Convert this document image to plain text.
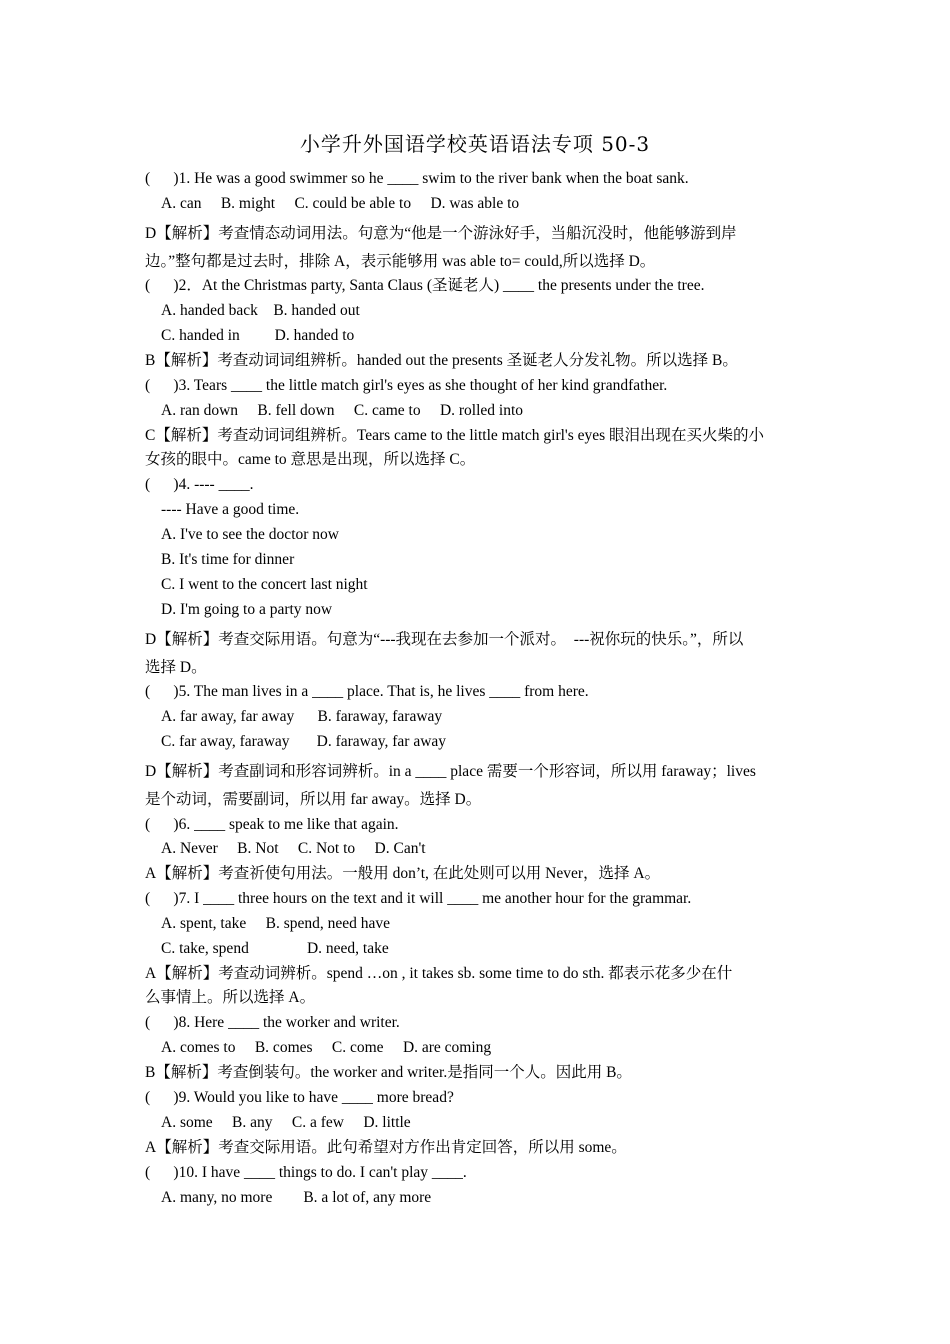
小学升外国语学校英语语法专项 50-3
(      )1. He was a good swimmer so he ____ swim to the river bank when the boat sank.
A. can     B. might     C. could be able to     D. was able to
D【解析】考查情态动词用法。句意为“他是一个游泳好手，当船沉没时，他能够游到岸
边。”整句都是过去时，排除 A，表示能够用 was able to= could,所以选择 D。
(      )2．At the Christmas party, Santa Claus (圣诞老人) ____ the presents under the tree.
A. handed back    B. handed out
C. handed in         D. handed to
B【解析】考查动词词组辨析。handed out the presents 圣诞老人分发礼物。所以选择 B。
(      )3. Tears ____ the little match girl's eyes as she thought of her kind grandfather.
A. ran down     B. fell down     C. came to     D. rolled into
C【解析】考查动词词组辨析。Tears came to the little match girl's eyes 眼泪出现在买火柴的小
女孩的眼中。came to 意思是出现，所以选择 C。
(      )4. ---- ____.
---- Have a good time.
A. I've to see the doctor now
B. It's time for dinner
C. I went to the concert last night
D. I'm going to a party now
D【解析】考查交际用语。句意为“---我现在去参加一个派对。  ---祝你玩的快乐。”，所以
选择 D。
(      )5. The man lives in a ____ place. That is, he lives ____ from here.
A. far away, far away      B. faraway, faraway
C. far away, faraway       D. faraway, far away
D【解析】考查副词和形容词辨析。in a ____ place 需要一个形容词，所以用 faraway；lives
是个动词，需要副词，所以用 far away。选择 D。
(      )6. ____ speak to me like that again.
A. Never     B. Not     C. Not to     D. Can't
A【解析】考查祈使句用法。一般用 don’t, 在此处则可以用 Never，选择 A。
(      )7. I ____ three hours on the text and it will ____ me another hour for the grammar.
A. spent, take     B. spend, need have
C. take, spend               D. need, take
A【解析】考查动词辨析。spend …on , it takes sb. some time to do sth. 都表示花多少在什
么事情上。所以选择 A。
(      )8. Here ____ the worker and writer.
A. comes to     B. comes     C. come     D. are coming
B【解析】考查倒装句。the worker and writer.是指同一个人。因此用 B。
(      )9. Would you like to have ____ more bread?
A. some     B. any     C. a few     D. little
A【解析】考查交际用语。此句希望对方作出肯定回答，所以用 some。
(      )10. I have ____ things to do. I can't play ____.
A. many, no more        B. a lot of, any more
